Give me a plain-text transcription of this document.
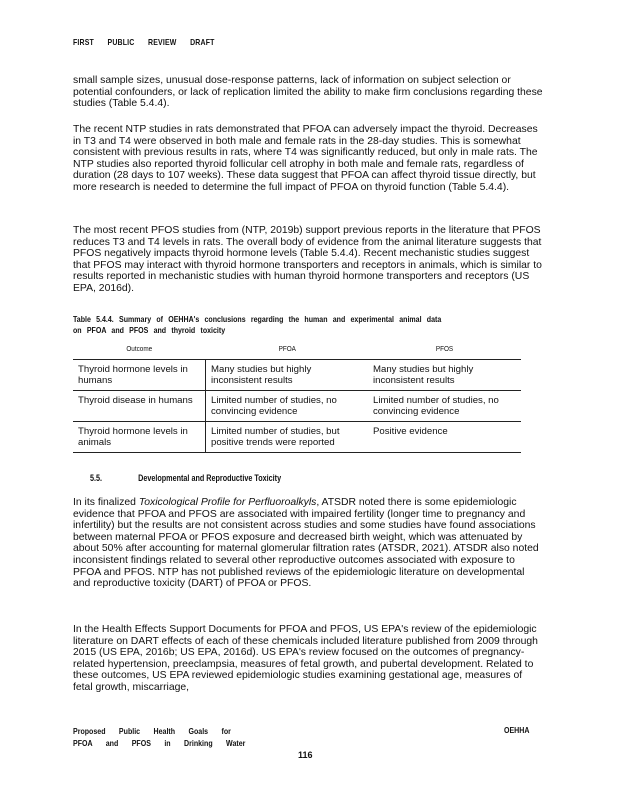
FIRST PUBLIC REVIEW DRAFT

small sample sizes, unusual dose-response patterns, lack of information on subject selection or potential confounders, or lack of replication limited the ability to make firm conclusions regarding these studies (Table 5.4.4).

The recent NTP studies in rats demonstrated that PFOA can adversely impact the thyroid. Decreases in T3 and T4 were observed in both male and female rats in the 28-day studies. This is somewhat consistent with previous results in rats, where T4 was significantly reduced, but only in male rats. The NTP studies also reported thyroid follicular cell atrophy in both male and female rats, regardless of duration (28 days to 107 weeks). These data suggest that PFOA can affect thyroid tissue directly, but more research is needed to determine the full impact of PFOA on thyroid function (Table 5.4.4).

The most recent PFOS studies from (NTP, 2019b) support previous reports in the literature that PFOS reduces T3 and T4 levels in rats. The overall body of evidence from the animal literature suggests that PFOS negatively impacts thyroid hormone levels (Table 5.4.4). Recent mechanistic studies suggest that PFOS may interact with thyroid hormone transporters and receptors in animals, which is similar to results reported in mechanistic studies with human thyroid hormone transporters and receptors (US EPA, 2016d).

Table 5.4.4. Summary of OEHHA's conclusions regarding the human and experimental animal data on PFOA and PFOS and thyroid toxicity
Outcome	PFOA	PFOS
Thyroid hormone levels in humans	Many studies but highly inconsistent results	Many studies but highly inconsistent results
Thyroid disease in humans	Limited number of studies, no convincing evidence	Limited number of studies, no convincing evidence
Thyroid hormone levels in animals	Limited number of studies, but positive trends were reported	Positive evidence
5.5.	Developmental and Reproductive Toxicity

In its finalized Toxicological Profile for Perfluoroalkyls, ATSDR noted there is some epidemiologic evidence that PFOA and PFOS are associated with impaired fertility (longer time to pregnancy and infertility) but the results are not consistent across studies and some studies have found associations between maternal PFOA or PFOS exposure and decreased birth weight, which was attenuated by about 50% after accounting for maternal glomerular filtration rates (ATSDR, 2021). ATSDR also noted inconsistent findings related to several other reproductive outcomes associated with exposure to PFOA and PFOS. NTP has not published reviews of the epidemiologic literature on developmental and reproductive toxicity (DART) of PFOA or PFOS.

In the Health Effects Support Documents for PFOA and PFOS, US EPA's review of the epidemiologic literature on DART effects of each of these chemicals included literature published from 2009 through 2015 (US EPA, 2016b; US EPA, 2016d). US EPA's review focused on the outcomes of pregnancy-related hypertension, preeclampsia, measures of fetal growth, and pubertal development. Related to these outcomes, US EPA reviewed epidemiologic studies examining gestational age, measures of fetal growth, miscarriage,

Proposed Public Health Goals for
PFOA and PFOS in Drinking Water
OEHHA
116
